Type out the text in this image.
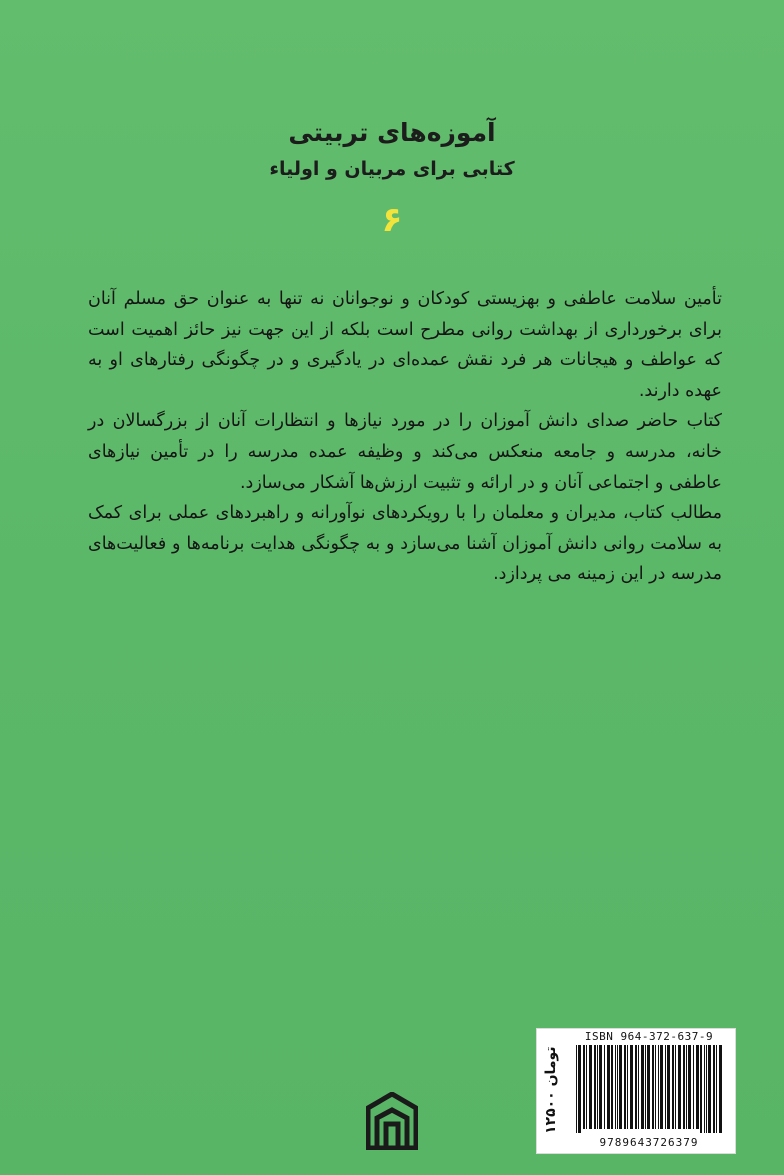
آموزه‌های تربیتی
کتابی برای مربیان و اولیاء
۶

تأمین سلامت عاطفی و بهزیستی کودکان و نوجوانان نه تنها به عنوان حق مسلم آنان برای برخورداری از بهداشت روانی مطرح است بلکه از این جهت نیز حائز اهمیت است که عواطف و هیجانات هر فرد نقش عمده‌ای در یادگیری و در چگونگی رفتارهای او به عهده دارند.

کتاب حاضر صدای دانش آموزان را در مورد نیازها و انتظارات آنان از بزرگسالان در خانه، مدرسه و جامعه منعکس می‌کند و وظیفه عمده مدرسه را در تأمین نیازهای عاطفی و اجتماعی آنان و در ارائه و تثبیت ارزش‌ها آشکار می‌سازد.

مطالب کتاب، مدیران و معلمان را با رویکردهای نوآورانه و راهبردهای عملی برای کمک به سلامت روانی دانش آموزان آشنا می‌سازد و به چگونگی هدایت برنامه‌ها و فعالیت‌های مدرسه در این زمینه می پردازد.

۱۲۵۰۰ تومان
ISBN 964-372-637-9
9789643726379
